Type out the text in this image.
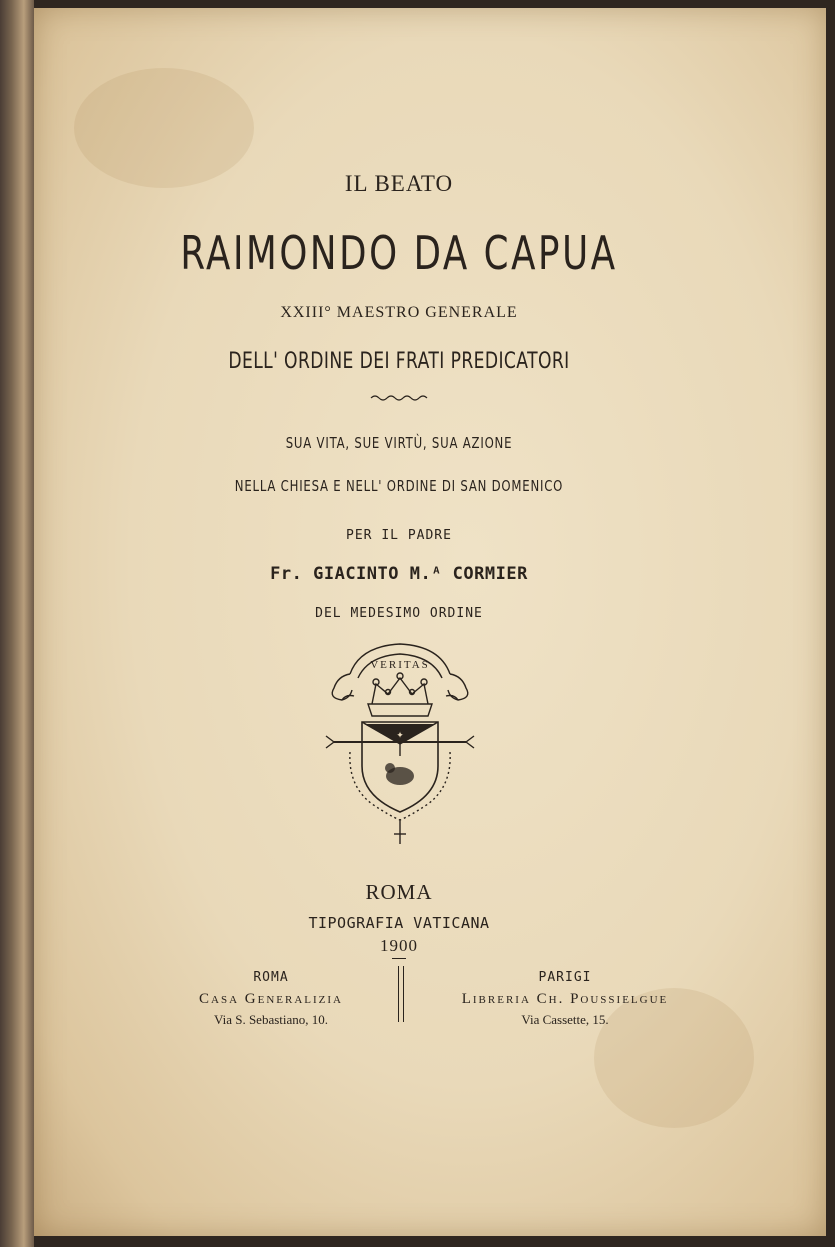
IL BEATO
RAIMONDO DA CAPUA
XXIII° MAESTRO GENERALE
DELL' ORDINE DEI FRATI PREDICATORI
SUA VITA, SUE VIRTÙ, SUA AZIONE
NELLA CHIESA E NELL' ORDINE DI SAN DOMENICO
PER IL PADRE
Fr. GIACINTO M.ᴬ CORMIER
DEL MEDESIMO ORDINE
✦
VERITAS
ROMA
TIPOGRAFIA VATICANA
1900
ROMA
Casa Generalizia
Via S. Sebastiano, 10.
PARIGI
Libreria Ch. Poussielgue
Via Cassette, 15.
